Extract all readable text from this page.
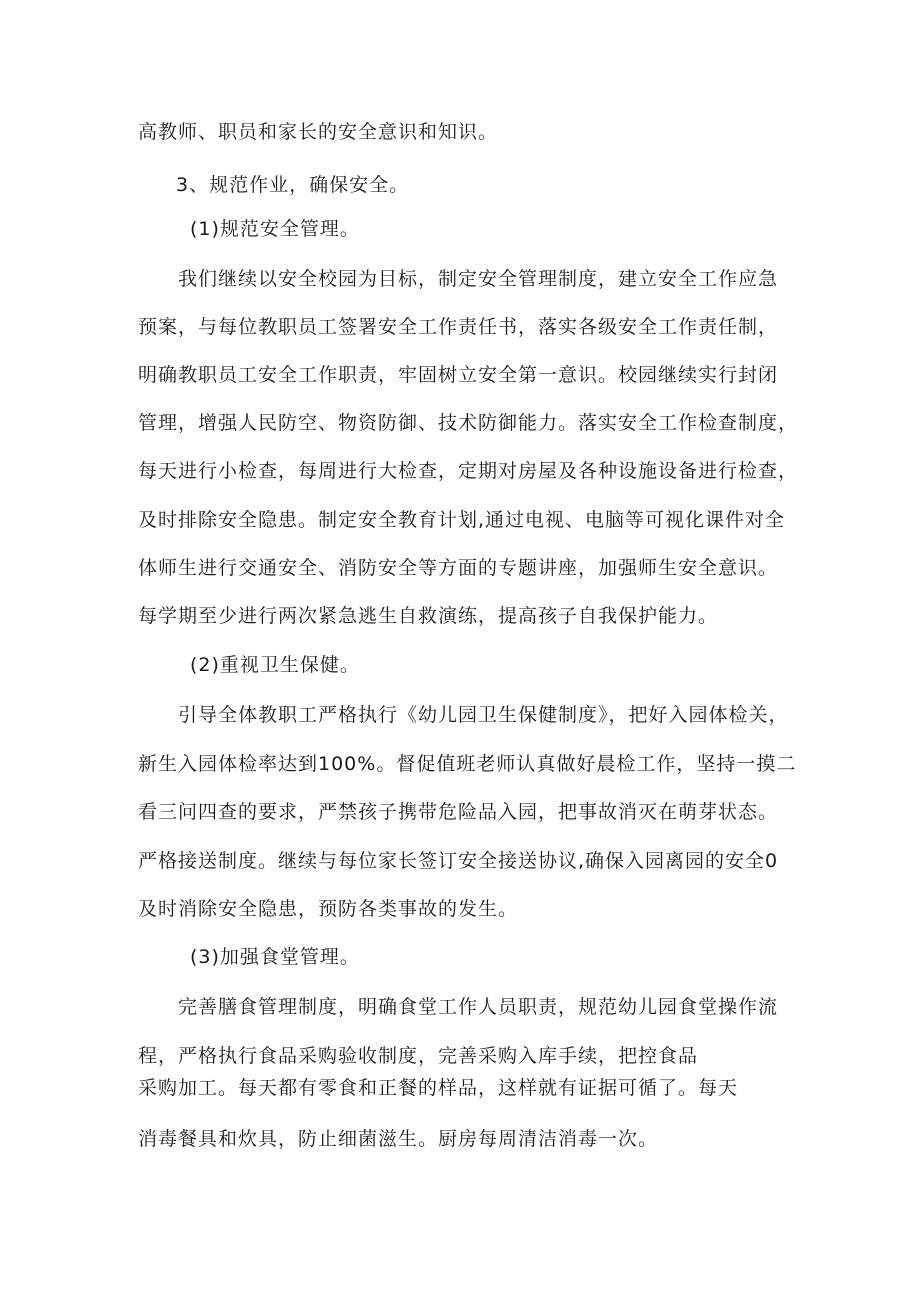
高教师、职员和家长的安全意识和知识。
3、规范作业，确保安全。
(1)规范安全管理。
我们继续以安全校园为目标，制定安全管理制度，建立安全工作应急
预案，与每位教职员工签署安全工作责任书，落实各级安全工作责任制，
明确教职员工安全工作职责，牢固树立安全第一意识。校园继续实行封闭
管理，增强人民防空、物资防御、技术防御能力。落实安全工作检查制度，
每天进行小检查，每周进行大检查，定期对房屋及各种设施设备进行检查，
及时排除安全隐患。制定安全教育计划,通过电视、电脑等可视化课件对全
体师生进行交通安全、消防安全等方面的专题讲座，加强师生安全意识。
每学期至少进行两次紧急逃生自救演练，提高孩子自我保护能力。
(2)重视卫生保健。
引导全体教职工严格执行《幼儿园卫生保健制度》，把好入园体检关，
新生入园体检率达到100%。督促值班老师认真做好晨检工作，坚持一摸二
看三问四查的要求，严禁孩子携带危险品入园，把事故消灭在萌芽状态。
严格接送制度。继续与每位家长签订安全接送协议,确保入园离园的安全0
及时消除安全隐患，预防各类事故的发生。
(3)加强食堂管理。
完善膳食管理制度，明确食堂工作人员职责，规范幼儿园食堂操作流
程，严格执行食品采购验收制度，完善采购入库手续，把控食品
采购加工。每天都有零食和正餐的样品，这样就有证据可循了。每天
消毒餐具和炊具，防止细菌滋生。厨房每周清洁消毒一次。
